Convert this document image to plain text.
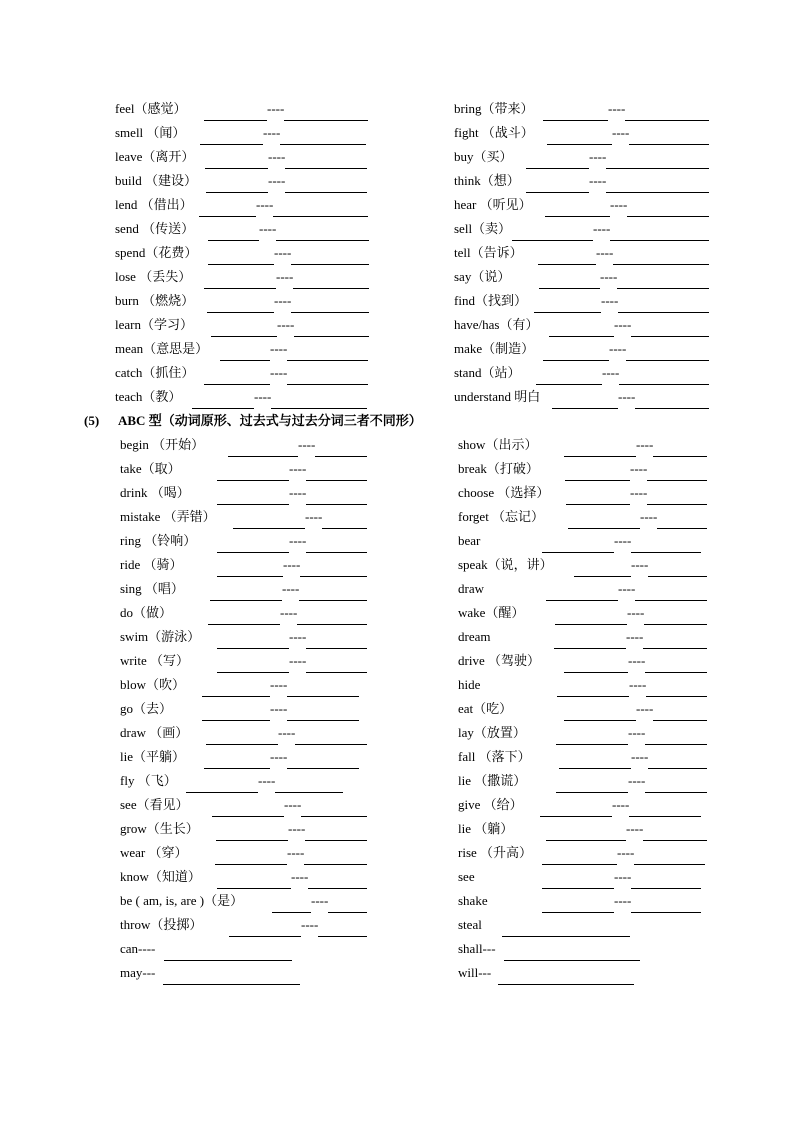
feel（感觉）	----
smell （闻）	----
leave（离开）	----
build （建设）	----
lend （借出）	----
send （传送）	----
spend（花费）	----
lose （丢失）	----
burn （燃烧）	----
learn（学习）	----
mean（意思是）	----
catch（抓住）	----
teach（教）	----
bring（带来）	----
fight （战斗）	----
buy（买）	----
think（想）	----
hear （听见）	----
sell（卖）	----
tell（告诉）	----
say（说）	----
find（找到）	----
have/has（有）	----
make（制造）	----
stand（站）	----
understand 明白	----
(5) ABC 型（动词原形、过去式与过去分词三者不同形）
begin （开始）	----
take（取）	----
drink （喝）	----
mistake （弄错）	----
ring （铃响）	----
ride （骑）	----
sing （唱）	----
do（做）	----
swim（游泳）	----
write （写）	----
blow（吹）	----
go（去）	----
draw （画）	----
lie（平躺）	----
fly （飞）	----
see（看见）	----
grow（生长）	----
wear （穿）	----
know（知道）	----
be ( am, is, are )（是）	----
throw（投掷）	----
can----
may---
show（出示）	----
break（打破）	----
choose （选择）	----
forget （忘记）	----
bear	----
speak（说，讲）	----
draw	----
wake（醒）	----
dream	----
drive （驾驶）	----
hide	----
eat（吃）	----
lay（放置）	----
fall （落下）	----
lie （撒谎）	----
give （给）	----
lie （躺）	----
rise （升高）	----
see	----
shake	----
steal
shall---
will---
